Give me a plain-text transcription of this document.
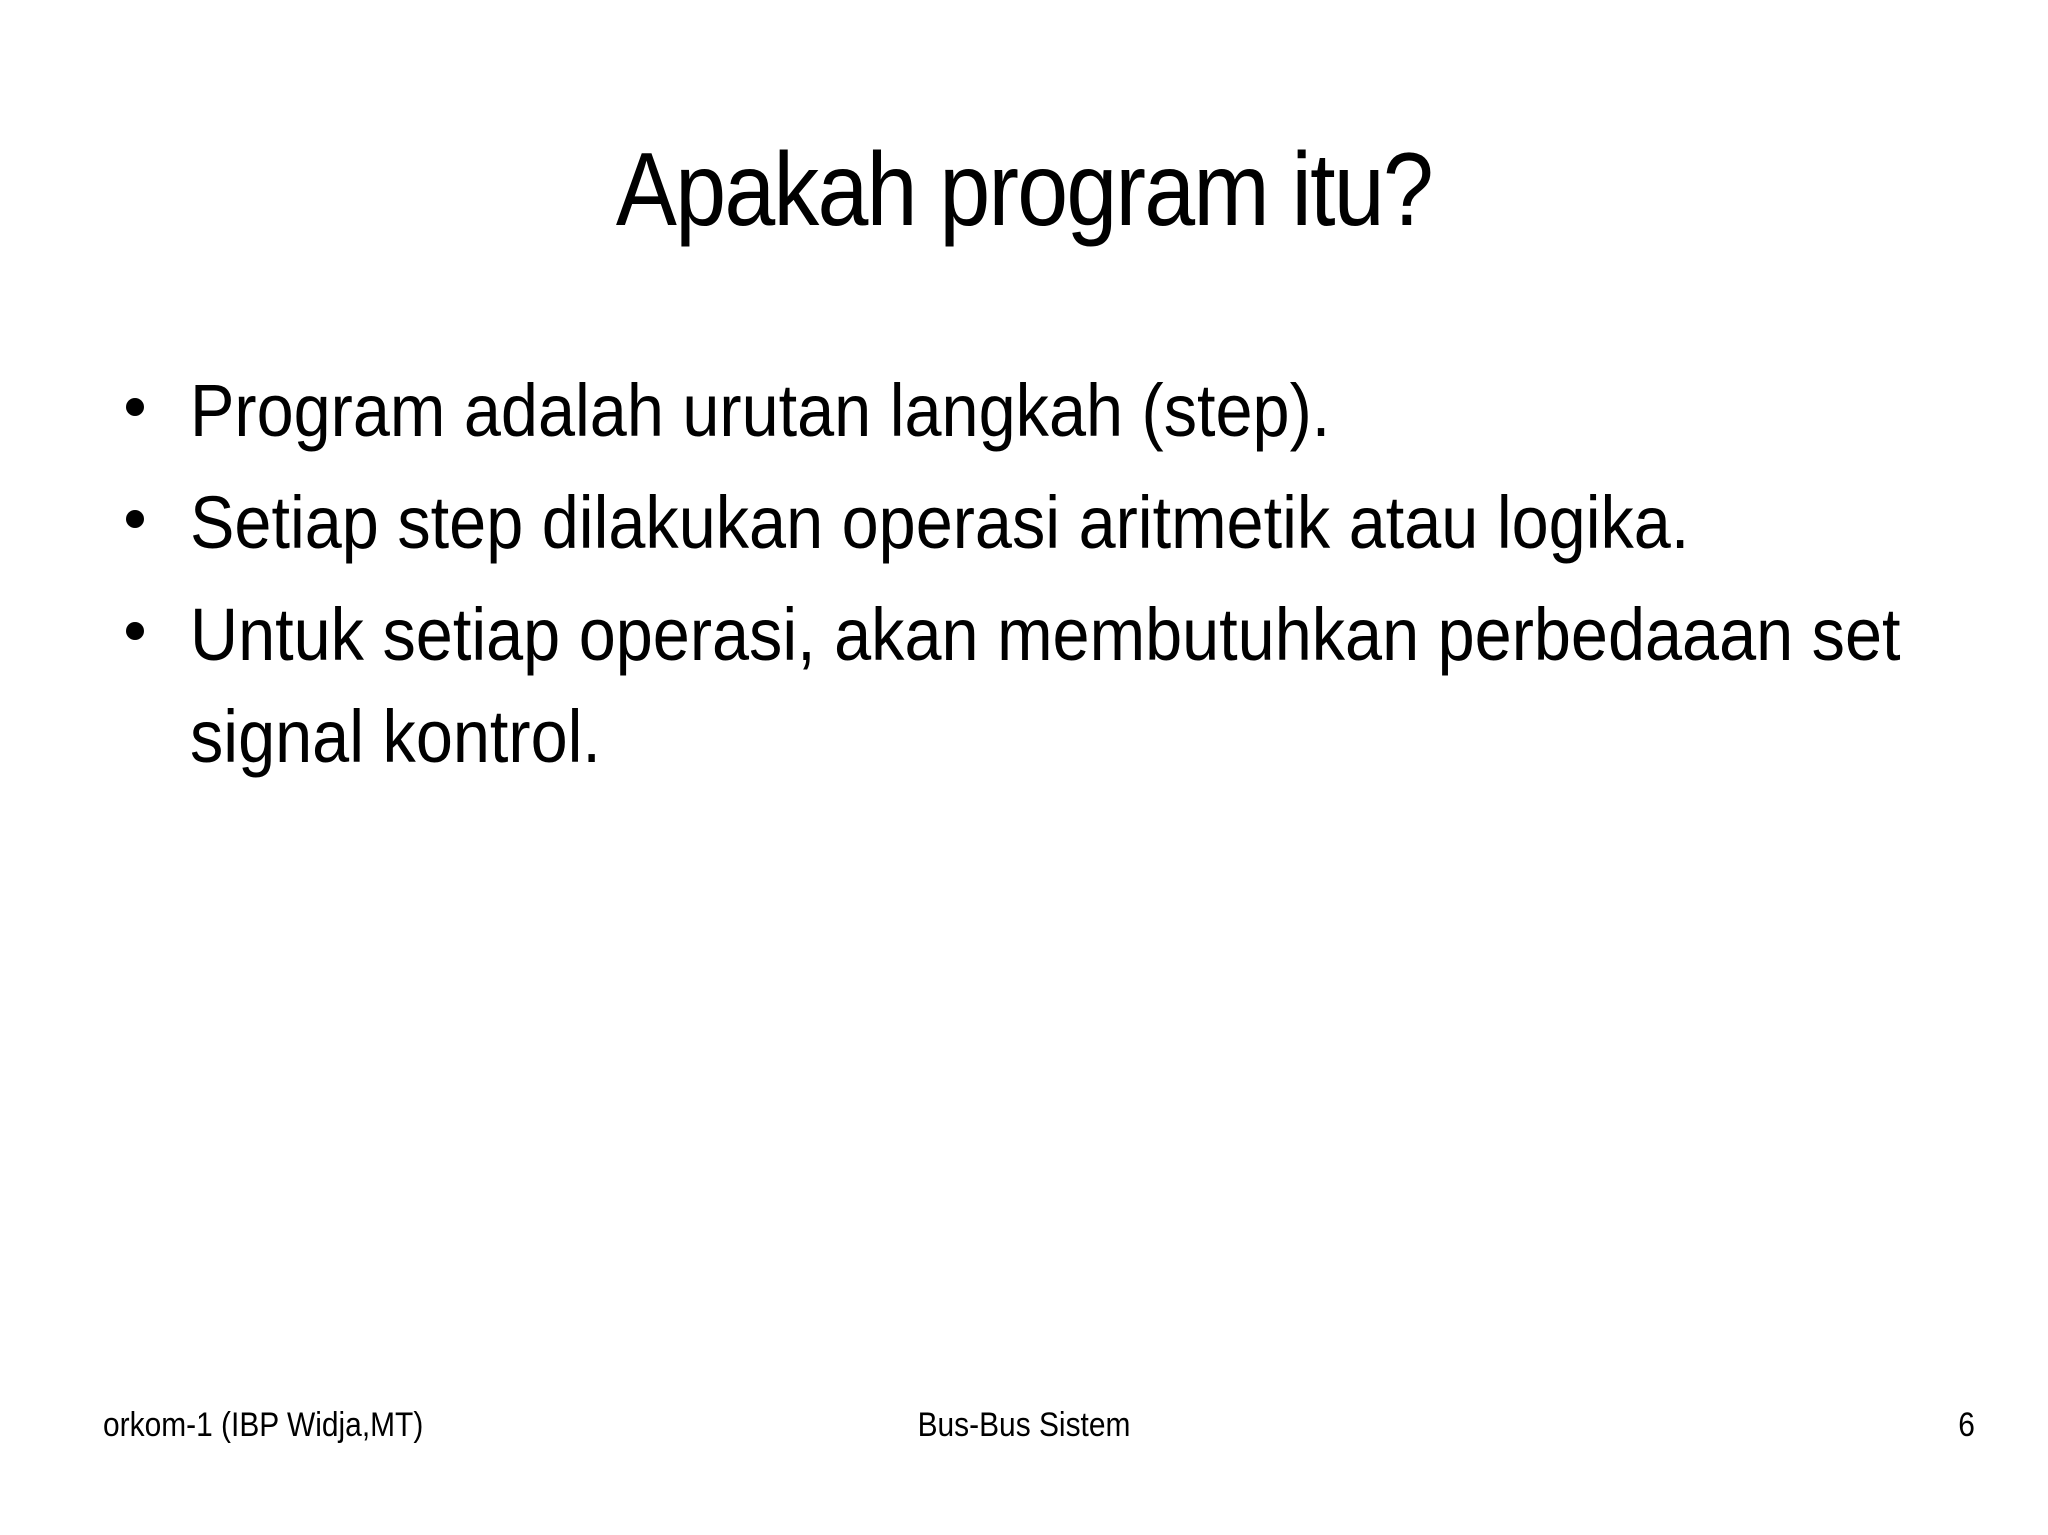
Apakah program itu?
Program adalah urutan langkah (step).
Setiap step dilakukan operasi aritmetik atau logika.
Untuk setiap operasi, akan membutuhkan perbedaaan set signal kontrol.
orkom-1 (IBP Widja,MT)	Bus-Bus Sistem	6
